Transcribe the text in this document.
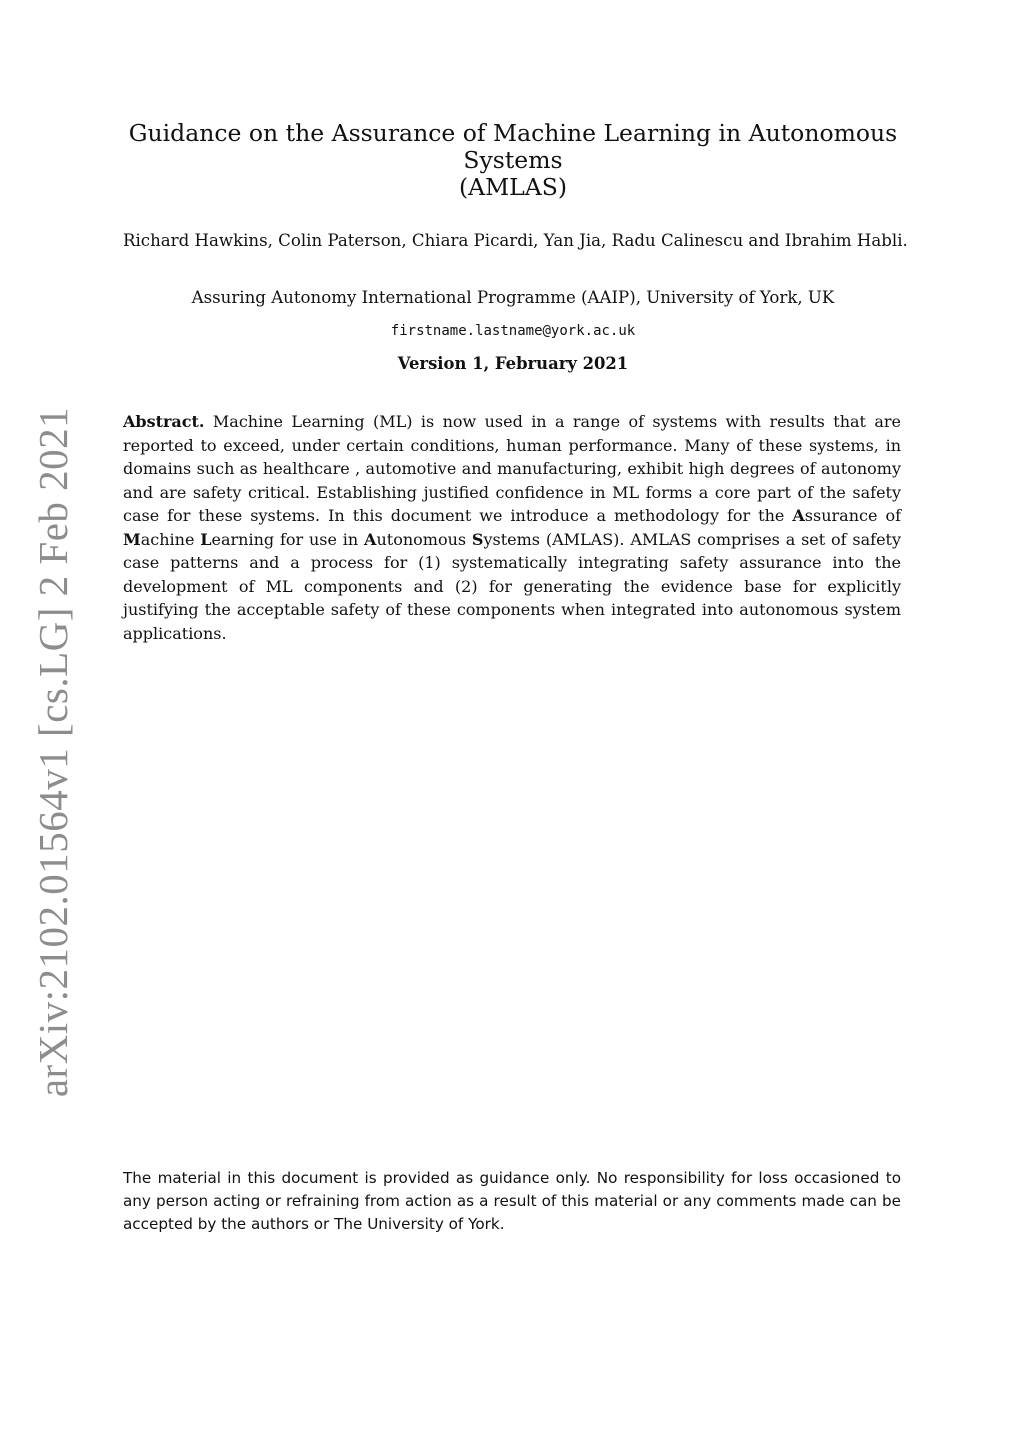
arXiv:2102.01564v1 [cs.LG] 2 Feb 2021
Guidance on the Assurance of Machine Learning in Autonomous Systems
(AMLAS)

Richard Hawkins, Colin Paterson, Chiara Picardi, Yan Jia, Radu Calinescu and Ibrahim Habli.

Assuring Autonomy International Programme (AAIP), University of York, UK

firstname.lastname@york.ac.uk

Version 1, February 2021

Abstract. Machine Learning (ML) is now used in a range of systems with results that are reported to exceed, under certain conditions, human performance. Many of these systems, in domains such as healthcare , automotive and manufacturing, exhibit high degrees of autonomy and are safety critical. Establishing justified confidence in ML forms a core part of the safety case for these systems. In this document we introduce a methodology for the Assurance of Machine Learning for use in Autonomous Systems (AMLAS). AMLAS comprises a set of safety case patterns and a process for (1) systematically integrating safety assurance into the development of ML components and (2) for generating the evidence base for explicitly justifying the acceptable safety of these components when integrated into autonomous system applications.

The material in this document is provided as guidance only. No responsibility for loss occasioned to any person acting or refraining from action as a result of this material or any comments made can be accepted by the authors or The University of York.
